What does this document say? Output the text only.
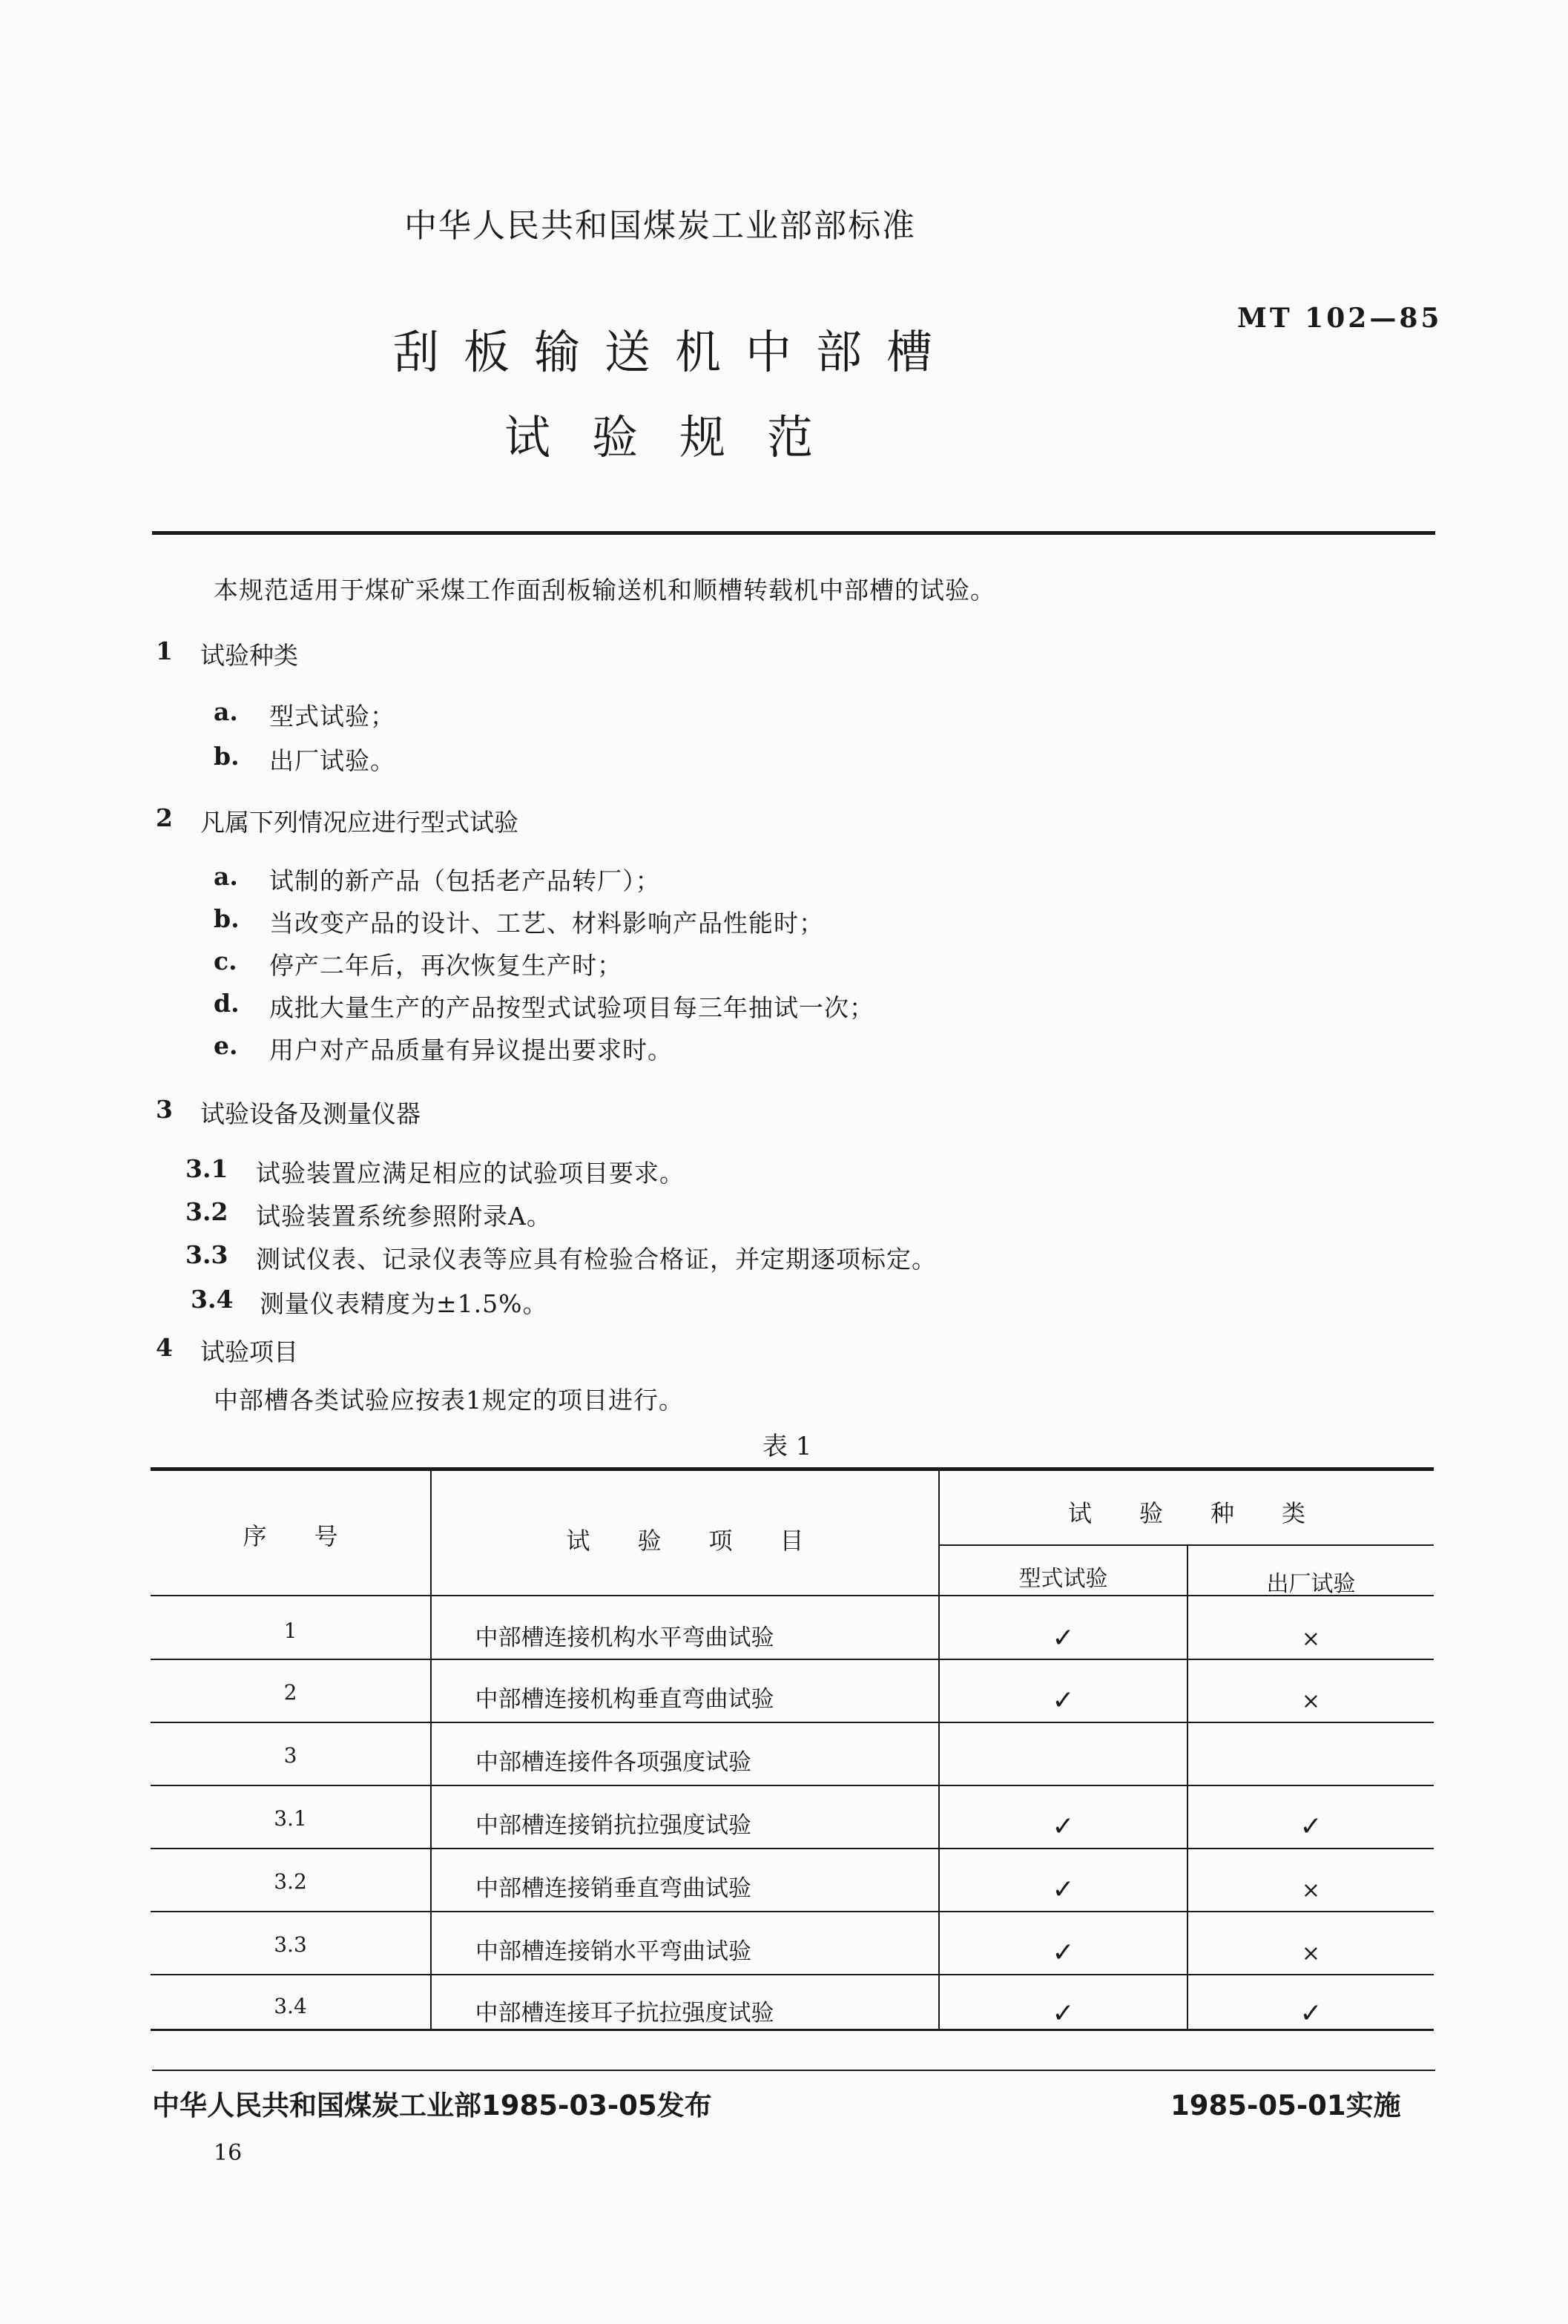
中华人民共和国煤炭工业部部标准
MT 102—85
刮板输送机中部槽
试验规范
本规范适用于煤矿采煤工作面刮板输送机和顺槽转载机中部槽的试验。
1 试验种类
a. 型式试验；
b. 出厂试验。
2 凡属下列情况应进行型式试验
a. 试制的新产品（包括老产品转厂）；
b. 当改变产品的设计、工艺、材料影响产品性能时；
c. 停产二年后，再次恢复生产时；
d. 成批大量生产的产品按型式试验项目每三年抽试一次；
e. 用户对产品质量有异议提出要求时。
3 试验设备及测量仪器
3.1 试验装置应满足相应的试验项目要求。
3.2 试验装置系统参照附录A。
3.3 测试仪表、记录仪表等应具有检验合格证，并定期逐项标定。
3.4 测量仪表精度为±1.5%。
4 试验项目
中部槽各类试验应按表1规定的项目进行。
表 1
序　　号	试　　验　　项　　目
试　　验　　种　　类
型式试验	出厂试验
1	中部槽连接机构水平弯曲试验	✓	×
2	中部槽连接机构垂直弯曲试验	✓	×
3	中部槽连接件各项强度试验
3.1	中部槽连接销抗拉强度试验	✓	✓
3.2	中部槽连接销垂直弯曲试验	✓	×
3.3	中部槽连接销水平弯曲试验	✓	×
3.4	中部槽连接耳子抗拉强度试验	✓	✓
中华人民共和国煤炭工业部1985-03-05发布	1985-05-01实施
16
